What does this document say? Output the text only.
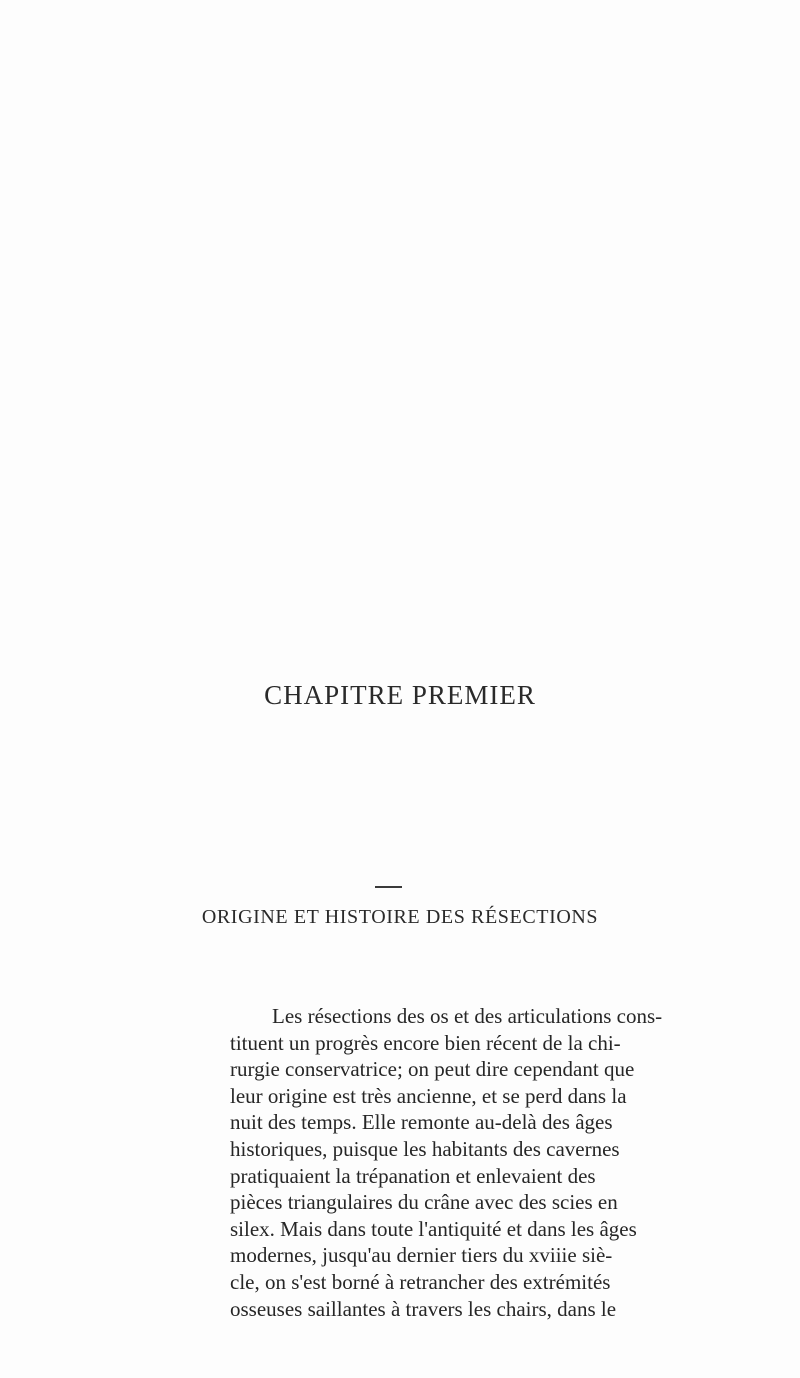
CHAPITRE PREMIER
ORIGINE ET HISTOIRE DES RÉSECTIONS
Les résections des os et des articulations cons-
tituent un progrès encore bien récent de la chi-
rurgie conservatrice; on peut dire cependant que
leur origine est très ancienne, et se perd dans la
nuit des temps. Elle remonte au-delà des âges
historiques, puisque les habitants des cavernes
pratiquaient la trépanation et enlevaient des
pièces triangulaires du crâne avec des scies en
silex. Mais dans toute l'antiquité et dans les âges
modernes, jusqu'au dernier tiers du xviiie siè-
cle, on s'est borné à retrancher des extrémités
osseuses saillantes à travers les chairs, dans le
